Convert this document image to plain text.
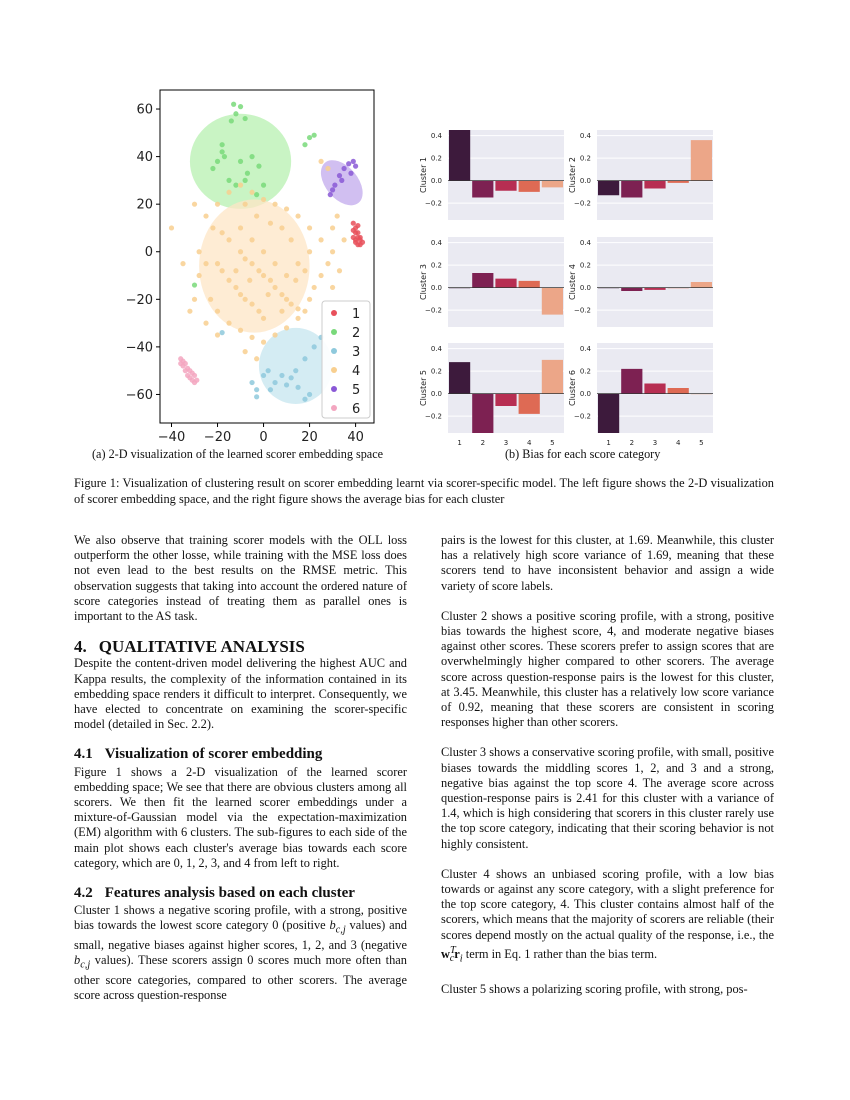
−40 −20 0	20 40
60
40
20
0
−20
−40
−60
1
2
3
4
5
6
0.4
0.2
0.0
−0.2
Cluster 1
0.4
0.2
0.0
−0.2
Cluster 2
0.4
0.2
0.0
−0.2
Cluster 3
0.4
0.2
0.0
−0.2
Cluster 4
0.4
0.2
0.0
−0.2
Cluster 5
1	2	3	4	5
0.4
0.2
0.0
−0.2
Cluster 6
1	2	3	4	5
(a) 2-D visualization of the learned scorer embedding space	(b) Bias for each score category
Figure 1: Visualization of clustering result on scorer embedding learnt via scorer-specific model. The left figure shows the 2-D visualization of scorer embedding space, and the right figure shows the average bias for each cluster

We also observe that training scorer models with the OLL loss outperform the other losse, while training with the MSE loss does not even lead to the best results on the RMSE metric. This observation suggests that taking into account the ordered nature of score categories instead of treating them as parallel ones is important to the AS task.

4. QUALITATIVE ANALYSIS

Despite the content-driven model delivering the highest AUC and Kappa results, the complexity of the information contained in its embedding space renders it difficult to interpret. Consequently, we have elected to concentrate on examining the scorer-specific model (detailed in Sec. 2.2).

4.1 Visualization of scorer embedding

Figure 1 shows a 2-D visualization of the learned scorer embedding space; We see that there are obvious clusters among all scorers. We then fit the learned scorer embeddings under a mixture-of-Gaussian model via the expectation-maximization (EM) algorithm with 6 clusters. The sub-figures to each side of the main plot shows each cluster's average bias towards each score category, which are 0, 1, 2, 3, and 4 from left to right.

4.2 Features analysis based on each cluster

Cluster 1 shows a negative scoring profile, with a strong, positive bias towards the lowest score category 0 (positive $b_{c,j}$ values) and small, negative biases against higher scores, 1, 2, and 3 (negative $b_{c,j}$ values). These scorers assign 0 scores much more often than other score categories, compared to other scorers. The average score across question-response

pairs is the lowest for this cluster, at 1.69. Meanwhile, this cluster has a relatively high score variance of 1.69, meaning that these scorers tend to have inconsistent behavior and assign a wide variety of score labels.

Cluster 2 shows a positive scoring profile, with a strong, positive bias towards the highest score, 4, and moderate negative biases against other scores. These scorers prefer to assign scores that are overwhelmingly higher compared to other scorers. The average score across question-response pairs is the lowest for this cluster, at 3.45. Meanwhile, this cluster has a relatively low score variance of 0.92, meaning that these scorers are consistent in scoring responses higher than other scorers.

Cluster 3 shows a conservative scoring profile, with small, positive biases towards the middling scores 1, 2, and 3 and a strong, negative bias against the top score 4. The average score across question-response pairs is 2.41 for this cluster with a variance of 1.4, which is high considering that scorers in this cluster rarely use the top score category, indicating that their scoring behavior is not highly consistent.

Cluster 4 shows an unbiased scoring profile, with a low bias towards or against any score category, with a slight preference for the top score category, 4. This cluster contains almost half of the scorers, which means that the majority of scorers are reliable (their scores depend mostly on the actual quality of the response, i.e., the $w^T_cr_i$ term in Eq. 1 rather than the bias term.

Cluster 5 shows a polarizing scoring profile, with strong, pos-
